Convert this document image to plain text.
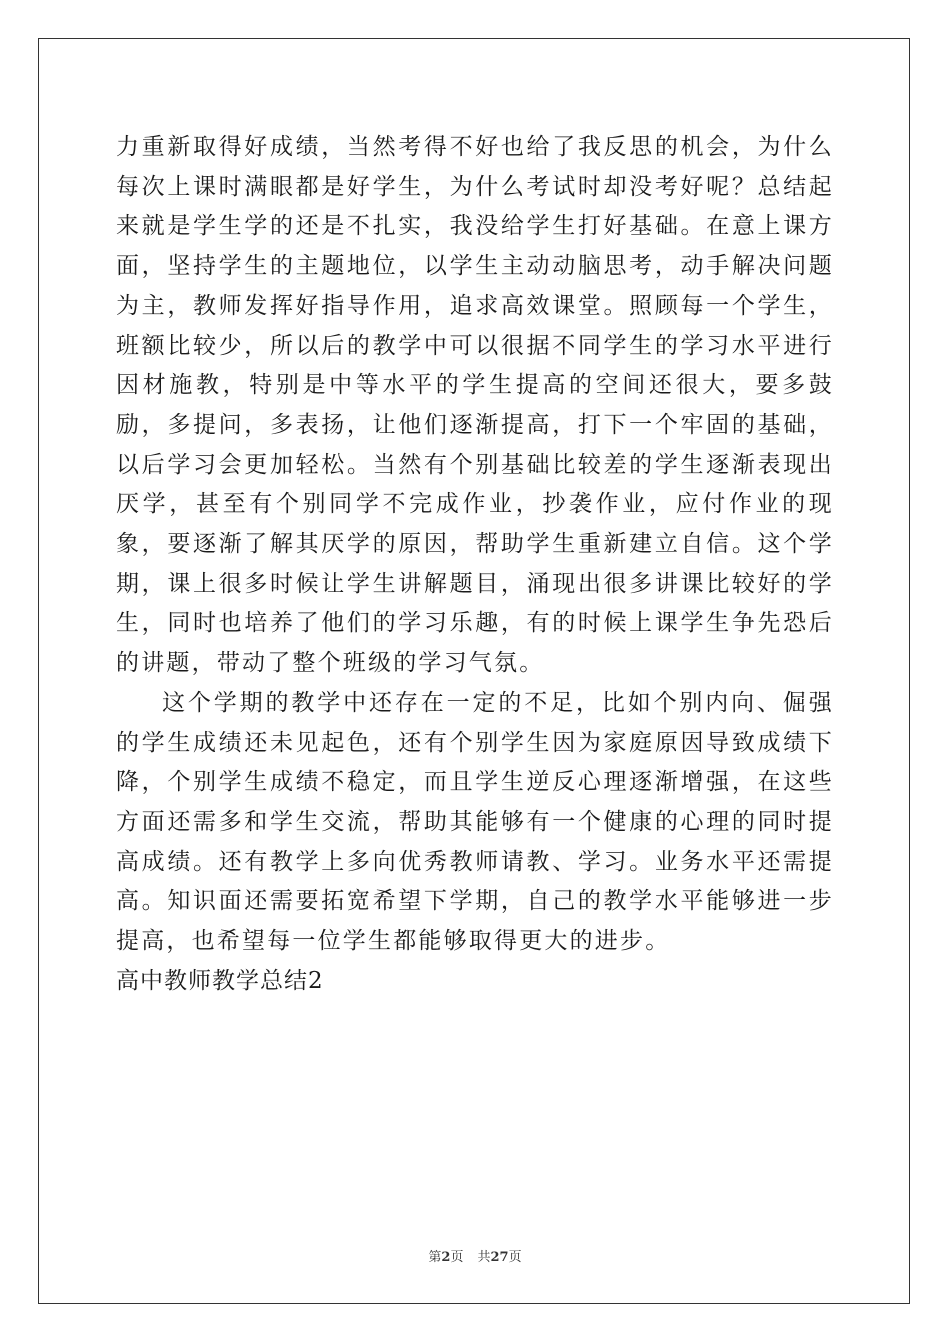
力重新取得好成绩，当然考得不好也给了我反思的机会，为什么每次上课时满眼都是好学生，为什么考试时却没考好呢？总结起来就是学生学的还是不扎实，我没给学生打好基础。在意上课方面，坚持学生的主题地位，以学生主动动脑思考，动手解决问题为主，教师发挥好指导作用，追求高效课堂。照顾每一个学生，班额比较少，所以后的教学中可以很据不同学生的学习水平进行因材施教，特别是中等水平的学生提高的空间还很大，要多鼓励，多提问，多表扬，让他们逐渐提高，打下一个牢固的基础，以后学习会更加轻松。当然有个别基础比较差的学生逐渐表现出厌学，甚至有个别同学不完成作业，抄袭作业，应付作业的现象，要逐渐了解其厌学的原因，帮助学生重新建立自信。这个学期，课上很多时候让学生讲解题目，涌现出很多讲课比较好的学生，同时也培养了他们的学习乐趣，有的时候上课学生争先恐后的讲题，带动了整个班级的学习气氛。

这个学期的教学中还存在一定的不足，比如个别内向、倔强的学生成绩还未见起色，还有个别学生因为家庭原因导致成绩下降，个别学生成绩不稳定，而且学生逆反心理逐渐增强，在这些方面还需多和学生交流，帮助其能够有一个健康的心理的同时提高成绩。还有教学上多向优秀教师请教、学习。业务水平还需提高。知识面还需要拓宽希望下学期，自己的教学水平能够进一步提高，也希望每一位学生都能够取得更大的进步。

高中教师教学总结2

第2页 共27页
